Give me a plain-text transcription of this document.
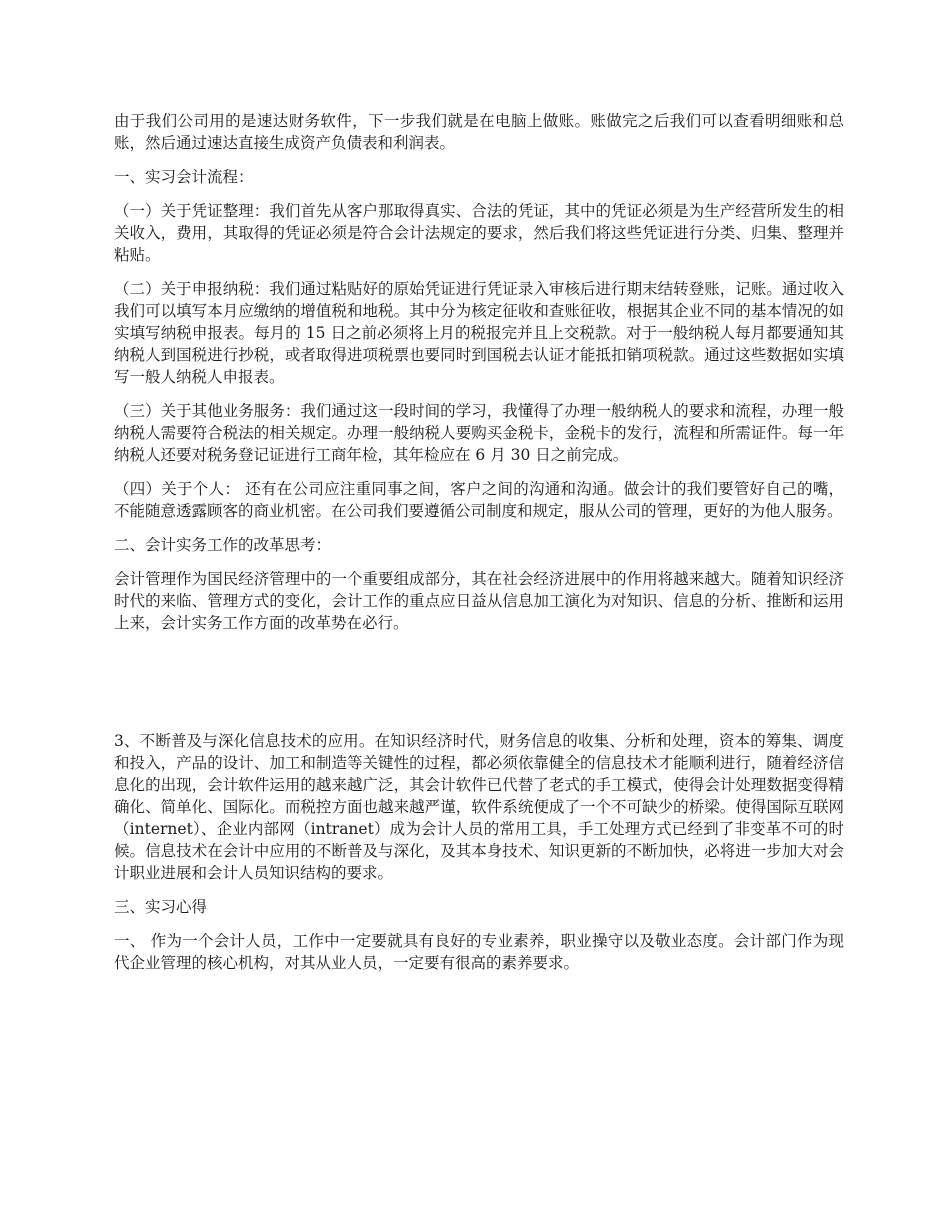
由于我们公司用的是速达财务软件，下一步我们就是在电脑上做账。账做完之后我们可以查看明细账和总账，然后通过速达直接生成资产负债表和利润表。

一、实习会计流程：

（一）关于凭证整理：我们首先从客户那取得真实、合法的凭证，其中的凭证必须是为生产经营所发生的相关收入，费用，其取得的凭证必须是符合会计法规定的要求，然后我们将这些凭证进行分类、归集、整理并粘贴。

（二）关于申报纳税：我们通过粘贴好的原始凭证进行凭证录入审核后进行期末结转登账，记账。通过收入我们可以填写本月应缴纳的增值税和地税。其中分为核定征收和查账征收，根据其企业不同的基本情况的如实填写纳税申报表。每月的 15 日之前必须将上月的税报完并且上交税款。对于一般纳税人每月都要通知其纳税人到国税进行抄税，或者取得进项税票也要同时到国税去认证才能抵扣销项税款。通过这些数据如实填写一般人纳税人申报表。

（三）关于其他业务服务：我们通过这一段时间的学习，我懂得了办理一般纳税人的要求和流程，办理一般纳税人需要符合税法的相关规定。办理一般纳税人要购买金税卡，金税卡的发行，流程和所需证件。每一年纳税人还要对税务登记证进行工商年检，其年检应在 6 月 30 日之前完成。

（四）关于个人： 还有在公司应注重同事之间，客户之间的沟通和沟通。做会计的我们要管好自己的嘴，不能随意透露顾客的商业机密。在公司我们要遵循公司制度和规定，服从公司的管理，更好的为他人服务。

二、会计实务工作的改革思考：

会计管理作为国民经济管理中的一个重要组成部分，其在社会经济进展中的作用将越来越大。随着知识经济时代的来临、管理方式的变化，会计工作的重点应日益从信息加工演化为对知识、信息的分析、推断和运用上来，会计实务工作方面的改革势在必行。

3、不断普及与深化信息技术的应用。在知识经济时代，财务信息的收集、分析和处理，资本的筹集、调度和投入，产品的设计、加工和制造等关键性的过程，都必须依靠健全的信息技术才能顺利进行，随着经济信息化的出现，会计软件运用的越来越广泛，其会计软件已代替了老式的手工模式，使得会计处理数据变得精确化、简单化、国际化。而税控方面也越来越严谨，软件系统便成了一个不可缺少的桥梁。使得国际互联网（internet）、企业内部网（intranet）成为会计人员的常用工具，手工处理方式已经到了非变革不可的时候。信息技术在会计中应用的不断普及与深化，及其本身技术、知识更新的不断加快，必将进一步加大对会计职业进展和会计人员知识结构的要求。

三、实习心得

一、 作为一个会计人员，工作中一定要就具有良好的专业素养，职业操守以及敬业态度。会计部门作为现代企业管理的核心机构，对其从业人员，一定要有很高的素养要求。
